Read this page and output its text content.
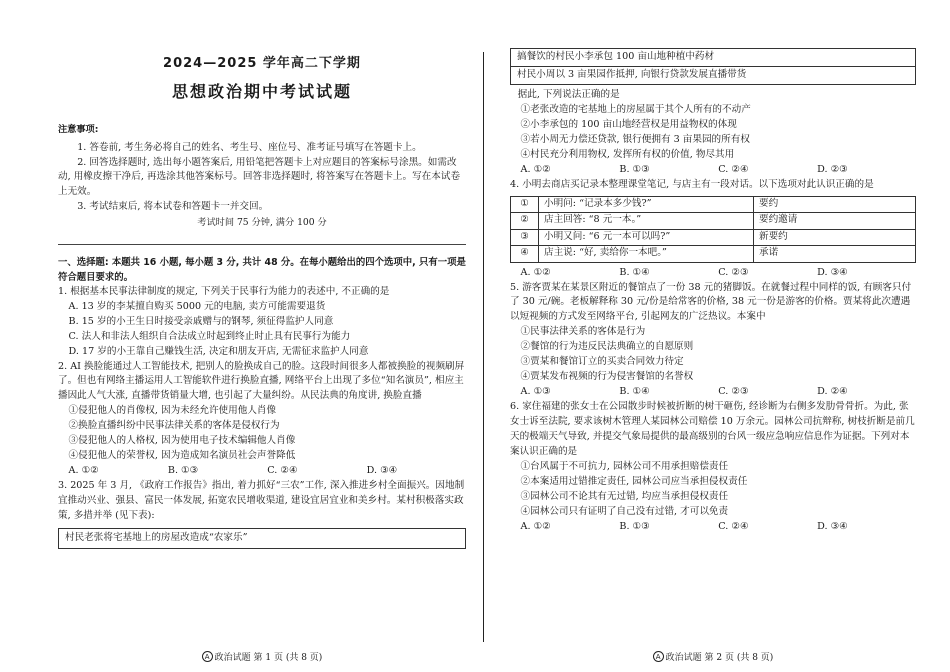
2024—2025 学年高二下学期
思想政治期中考试试题
注意事项:
1. 答卷前, 考生务必将自己的姓名、考生号、座位号、准考证号填写在答题卡上。
2. 回答选择题时, 选出每小题答案后, 用铅笔把答题卡上对应题目的答案标号涂黑。如需改动, 用橡皮擦干净后, 再选涂其他答案标号。回答非选择题时, 将答案写在答题卡上。写在本试卷上无效。
3. 考试结束后, 将本试卷和答题卡一并交回。
考试时间 75 分钟, 满分 100 分
一、选择题: 本题共 16 小题, 每小题 3 分, 共计 48 分。在每小题给出的四个选项中, 只有一项是符合题目要求的。
1. 根据基本民事法律制度的规定, 下列关于民事行为能力的表述中, 不正确的是
A. 13 岁的李某擅自购买 5000 元的电脑, 卖方可能需要退货
B. 15 岁的小王生日时接受亲戚赠与的钢琴, 须征得监护人同意
C. 法人和非法人组织自合法成立时起到终止时止具有民事行为能力
D. 17 岁的小王靠自己赚钱生活, 决定和朋友开店, 无需征求监护人同意
2. AI 换脸能通过人工智能技术, 把别人的脸换成自己的脸。这段时间很多人都被换脸的视频刷屏了。但也有网络主播运用人工智能软件进行换脸直播, 网络平台上出现了多位“知名演员”, 相应主播因此人气大涨, 直播带货销量大增, 也引起了大量纠纷。从民法典的角度讲, 换脸直播
①侵犯他人的肖像权, 因为未经允许使用他人肖像
②换脸直播纠纷中民事法律关系的客体是侵权行为
③侵犯他人的人格权, 因为使用电子技术编辑他人肖像
④侵犯他人的荣誉权, 因为造成知名演员社会声誉降低
A. ①②	B. ①③	C. ②④	D. ③④
3. 2025 年 3 月, 《政府工作报告》指出, 着力抓好“三农”工作, 深入推进乡村全面振兴。因地制宜推动兴业、强县、富民一体发展, 拓宽农民增收渠道, 建设宜居宜业和美乡村。某村积极落实政策, 多措并举 (见下表):
村民老张将宅基地上的房屋改造成“农家乐”
A 政治试题 第 1 页 (共 8 页)
搞餐饮的村民小李承包 100 亩山地种植中药材
村民小周以 3 亩果园作抵押, 向银行贷款发展直播带货
据此, 下列说法正确的是
①老张改造的宅基地上的房屋属于其个人所有的不动产
②小李承包的 100 亩山地经营权是用益物权的体现
③若小周无力偿还贷款, 银行便拥有 3 亩果园的所有权
④村民充分利用物权, 发挥所有权的价值, 物尽其用
A. ①②	B. ①③	C. ②④	D. ②③
4. 小明去商店买记录本整理课堂笔记, 与店主有一段对话。以下选项对此认识正确的是
①	小明问: “记录本多少钱?”	要约
②	店主回答: “8 元一本。”	要约邀请
③	小明又问: “6 元一本可以吗?”	新要约
④	店主说: “好, 卖给你一本吧。”	承诺
A. ①②	B. ①④	C. ②③	D. ③④
5. 游客贾某在某景区附近的餐馆点了一份 38 元的猪脚饭。在就餐过程中同样的饭, 有顾客只付了 30 元/碗。老板解释称 30 元/份是给常客的价格, 38 元一份是游客的价格。贾某将此次遭遇以短视频的方式发至网络平台, 引起网友的广泛热议。本案中
①民事法律关系的客体是行为
②餐馆的行为违反民法典确立的自愿原则
③贾某和餐馆订立的买卖合同效力待定
④贾某发布视频的行为侵害餐馆的名誉权
A. ①③	B. ①④	C. ②③	D. ②④
6. 家住福建的张女士在公园散步时候被折断的树干砸伤, 经诊断为右侧多发肋骨骨折。为此, 张女士诉至法院, 要求该树木管理人某园林公司赔偿 10 万余元。园林公司抗辩称, 树枝折断是前几天的极端天气导致, 并提交气象局提供的最高级别的台风一级应急响应信息作为证据。下列对本案认识正确的是
①台风属于不可抗力, 园林公司不用承担赔偿责任
②本案适用过错推定责任, 园林公司应当承担侵权责任
③园林公司不论其有无过错, 均应当承担侵权责任
④园林公司只有证明了自己没有过错, 才可以免责
A. ①②	B. ①③	C. ②④	D. ③④
A 政治试题 第 2 页 (共 8 页)
